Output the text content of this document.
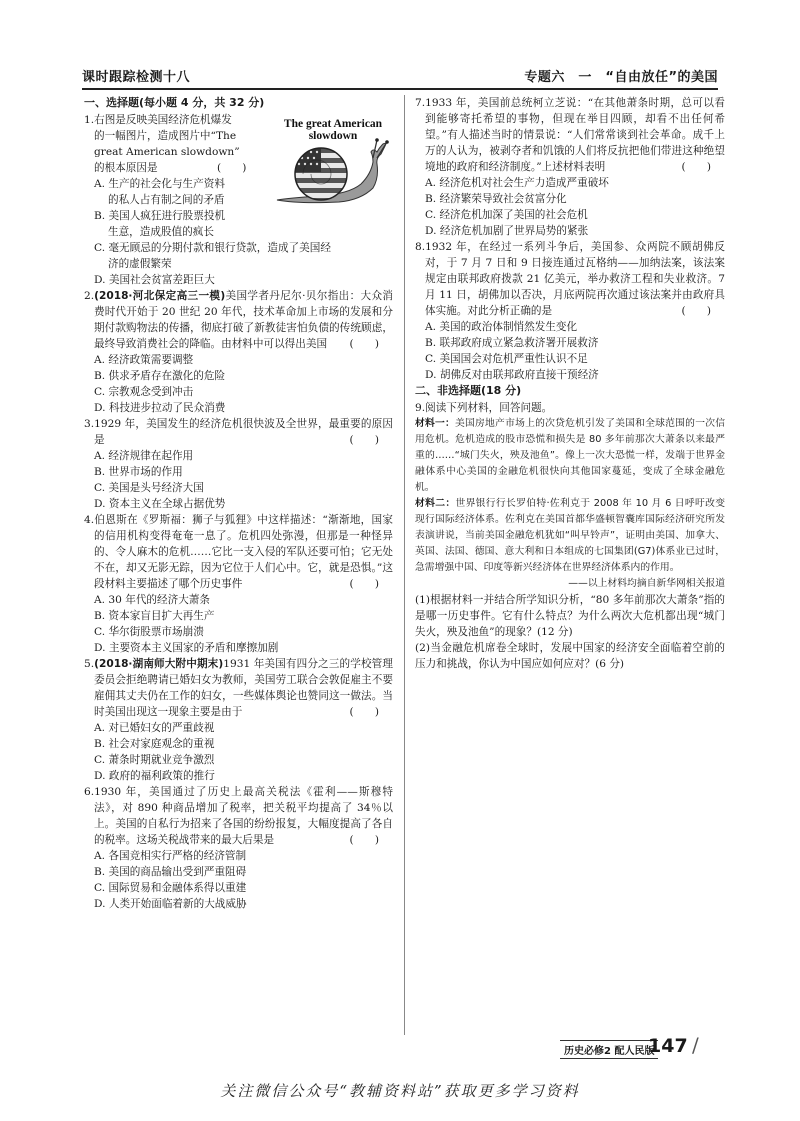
课时跟踪检测十八	专题六　一　“自由放任”的美国
一、选择题(每小题 4 分，共 32 分)
1.右图是反映美国经济危机爆发
的一幅图片，造成图片中“The
great American slowdown”
的根本原因是	(　　)
A. 生产的社会化与生产资料
的私人占有制之间的矛盾
B. 美国人疯狂进行股票投机
生意，造成股值的疯长
C. 毫无顾忌的分期付款和银行贷款，造成了美国经
济的虚假繁荣
D. 美国社会贫富差距巨大
The great American
slowdown
2.(2018·河北保定高三一模)美国学者丹尼尔·贝尔指出：大众消费时代开始于 20 世纪 20 年代，技术革命加上市场的发展和分期付款购物法的传播，彻底打破了新教徒害怕负债的传统顾虑，最终导致消费社会的降临。由材料中可以得出美国 (　　)
A. 经济政策需要调整
B. 供求矛盾存在激化的危险
C. 宗教观念受到冲击
D. 科技进步拉动了民众消费
3.1929 年，美国发生的经济危机很快波及全世界，最重要的原因是	(　　)
A. 经济规律在起作用
B. 世界市场的作用
C. 美国是头号经济大国
D. 资本主义在全球占据优势
4.伯恩斯在《罗斯福：狮子与狐狸》中这样描述：“渐渐地，国家的信用机构变得奄奄一息了。危机四处弥漫，但那是一种怪异的、令人麻木的危机……它比一支入侵的军队还要可怕；它无处不在，却又无影无踪，因为它位于人们心中。它，就是恐惧。”这段材料主要描述了哪个历史事件	(　　)
A. 30 年代的经济大萧条
B. 资本家盲目扩大再生产
C. 华尔街股票市场崩溃
D. 主要资本主义国家的矛盾和摩擦加剧
5.(2018·湖南师大附中期末)1931 年美国有四分之三的学校管理委员会拒绝聘请已婚妇女为教师，美国劳工联合会敦促雇主不要雇佣其丈夫仍在工作的妇女，一些媒体舆论也赞同这一做法。当时美国出现这一现象主要是由于	(　　)
A. 对已婚妇女的严重歧视
B. 社会对家庭观念的重视
C. 萧条时期就业竞争激烈
D. 政府的福利政策的推行
6.1930 年，美国通过了历史上最高关税法《霍利——斯穆特法》，对 890 种商品增加了税率，把关税平均提高了 34％以上。美国的自私行为招来了各国的纷纷报复，大幅度提高了各自的税率。这场关税战带来的最大后果是	(　　)
A. 各国竞相实行严格的经济管制
B. 美国的商品输出受到严重阻碍
C. 国际贸易和金融体系得以重建
D. 人类开始面临着新的大战威胁
7.1933 年，美国前总统柯立芝说：“在其他萧条时期，总可以看到能够寄托希望的事物，但现在举目四顾，却看不出任何希望。”有人描述当时的情景说：“人们常常谈到社会革命。成千上万的人认为，被剥夺者和饥饿的人们将反抗把他们带进这种绝望境地的政府和经济制度。”上述材料表明	(　　)
A. 经济危机对社会生产力造成严重破坏
B. 经济繁荣导致社会贫富分化
C. 经济危机加深了美国的社会危机
D. 经济危机加剧了世界局势的紧张
8.1932 年，在经过一系列斗争后，美国参、众两院不顾胡佛反对，于 7 月 7 日和 9 日接连通过瓦格纳——加纳法案，该法案规定由联邦政府拨款 21 亿美元，举办救济工程和失业救济。7 月 11 日，胡佛加以否决，月底两院再次通过该法案并由政府具体实施。对此分析正确的是	(　　)
A. 美国的政治体制悄然发生变化
B. 联邦政府成立紧急救济署开展救济
C. 美国国会对危机严重性认识不足
D. 胡佛反对由联邦政府直接干预经济
二、非选择题(18 分)
9.阅读下列材料，回答问题。
材料一：美国房地产市场上的次贷危机引发了美国和全球范围的一次信用危机。危机造成的股市恐慌和损失是 80 多年前那次大萧条以来最严重的……“城门失火，殃及池鱼”。像上一次大恐慌一样，发端于世界金融体系中心美国的金融危机很快向其他国家蔓延，变成了全球金融危机。
材料二：世界银行行长罗伯特·佐利克于 2008 年 10 月 6 日呼吁改变现行国际经济体系。佐利克在美国首都华盛顿智囊库国际经济研究所发表演讲说，当前美国金融危机犹如“叫早铃声”，证明由美国、加拿大、英国、法国、德国、意大利和日本组成的七国集团(G7)体系业已过时，急需增强中国、印度等新兴经济体在世界经济体系内的作用。
——以上材料均摘自新华网相关报道
(1)根据材料一并结合所学知识分析，“80 多年前那次大萧条”指的是哪一历史事件。它有什么特点？为什么两次大危机都出现“城门失火，殃及池鱼”的现象？(12 分)
(2)当金融危机席卷全球时，发展中国家的经济安全面临着空前的压力和挑战，你认为中国应如何应对？(6 分)
历史必修2 配人民版
147 /
关注微信公众号“教辅资料站”获取更多学习资料
